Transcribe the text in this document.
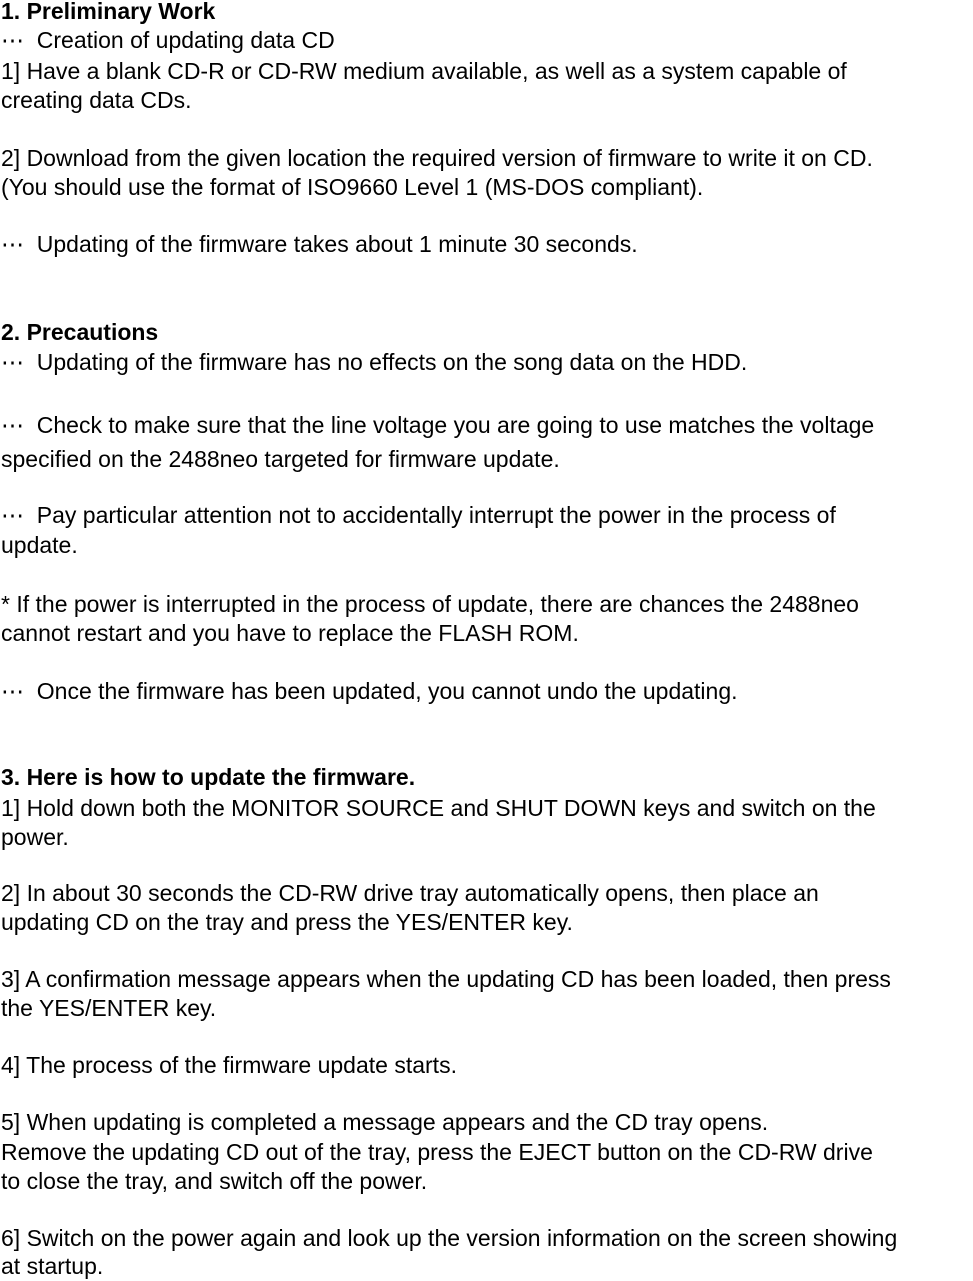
1. Preliminary Work

⋯  Creation of updating data CD

1] Have a blank CD-R or CD-RW medium available, as well as a system capable of

creating data CDs.

2] Download from the given location the required version of firmware to write it on CD.

(You should use the format of ISO9660 Level 1 (MS-DOS compliant).

⋯  Updating of the firmware takes about 1 minute 30 seconds.

2. Precautions

⋯  Updating of the firmware has no effects on the song data on the HDD.

⋯  Check to make sure that the line voltage you are going to use matches the voltage

specified on the 2488neo targeted for firmware update.

⋯  Pay particular attention not to accidentally interrupt the power in the process of

update.

* If the power is interrupted in the process of update, there are chances the 2488neo

cannot restart and you have to replace the FLASH ROM.

⋯  Once the firmware has been updated, you cannot undo the updating.

3. Here is how to update the firmware.

1] Hold down both the MONITOR SOURCE and SHUT DOWN keys and switch on the

power.

2] In about 30 seconds the CD-RW drive tray automatically opens, then place an

updating CD on the tray and press the YES/ENTER key.

3] A confirmation message appears when the updating CD has been loaded, then press

the YES/ENTER key.

4] The process of the firmware update starts.

5] When updating is completed a message appears and the CD tray opens.

Remove the updating CD out of the tray, press the EJECT button on the CD-RW drive

to close the tray, and switch off the power.

6] Switch on the power again and look up the version information on the screen showing

at startup.
